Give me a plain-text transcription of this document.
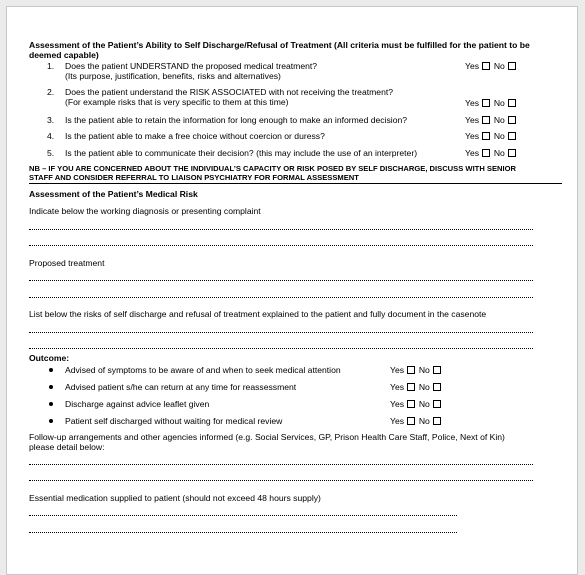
Assessment of the Patient’s Ability to Self Discharge/Refusal of Treatment (All criteria must be fulfilled for the patient to be
deemed capable)
1. Does the patient UNDERSTAND the proposed medical treatment?
(Its purpose, justification, benefits, risks and alternatives)
Yes No
2. Does the patient understand the RISK ASSOCIATED with not receiving the treatment?
(For example risks that is very specific to them at this time)	Yes No
3. Is the patient able to retain the information for long enough to make an informed decision?	Yes No
4. Is the patient able to make a free choice without coercion or duress?	Yes No
5. Is the patient able to communicate their decision? (this may include the use of an interpreter)	Yes No
NB – IF YOU ARE CONCERNED ABOUT THE INDIVIDUAL’S CAPACITY OR RISK POSED BY SELF DISCHARGE, DISCUSS WITH SENIOR
STAFF AND CONSIDER REFERRAL TO LIAISON PSYCHIATRY FOR FORMAL ASSESSMENT
Assessment of the Patient’s Medical Risk
Indicate below the working diagnosis or presenting complaint
Proposed treatment
List below the risks of self discharge and refusal of treatment explained to the patient and fully document in the casenote
Outcome:
Advised of symptoms to be aware of and when to seek medical attention	Yes No
Advised patient s/he can return at any time for reassessment	Yes No
Discharge against advice leaflet given	Yes No
Patient self discharged without waiting for medical review	Yes No
Follow-up arrangements and other agencies informed (e.g. Social Services, GP, Prison Health Care Staff, Police, Next of Kin)
please detail below:
Essential medication supplied to patient (should not exceed 48 hours supply)
